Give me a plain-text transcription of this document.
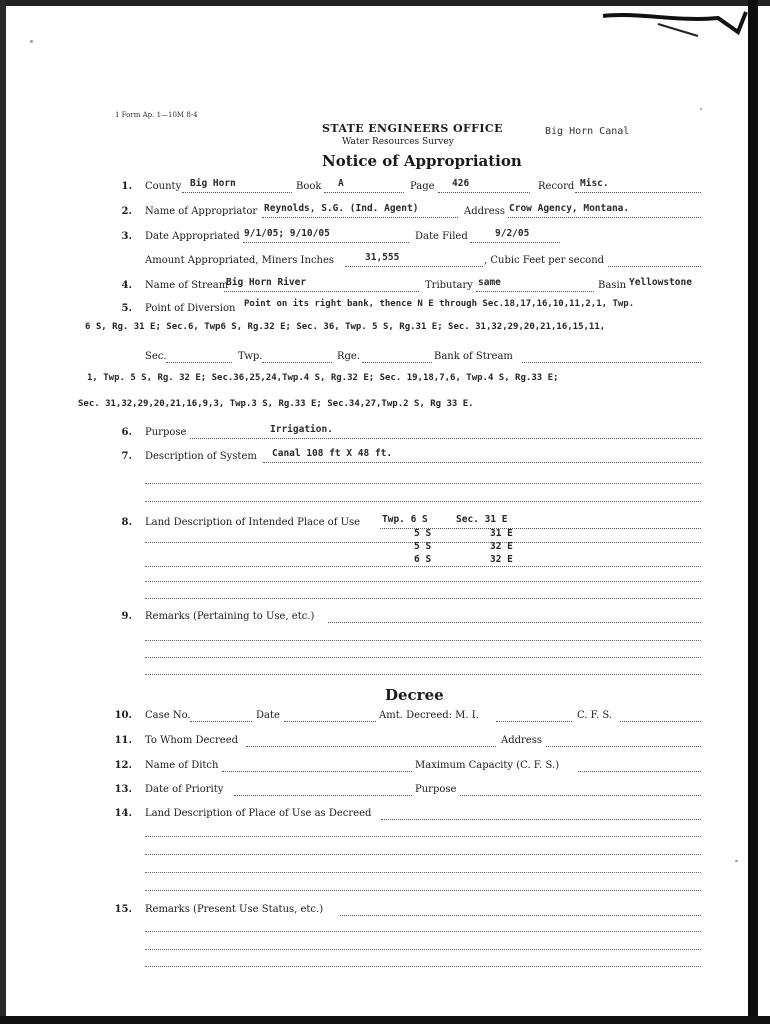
1 Form Ap. 1—10M 8-4
STATE ENGINEERS OFFICE
Water Resources Survey
Notice of Appropriation
Big Horn Canal
1. County Big Horn	Book A	Page 426	Record Misc.
2. Name of Appropriator Reynolds, S.G. (Ind. Agent)	Address Crow Agency, Montana.
3. Date Appropriated 9/1/05; 9/10/05	Date Filed	9/2/05
Amount Appropriated, Miners Inches	31,555	, Cubic Feet per second
4. Name of Stream
Big Horn River	Tributary same	Basin Yellowstone
5. Point of Diversion Point on its right bank, thence N E through Sec.18,17,16,10,11,2,1, Twp.
6 S, Rg. 31 E; Sec.6, Twp6 S, Rg.32 E; Sec. 36, Twp. 5 S, Rg.31 E; Sec. 31,32,29,20,21,16,15,11,
Sec.	Twp.	Rge.	Bank of Stream
1, Twp. 5 S, Rg. 32 E; Sec.36,25,24,Twp.4 S, Rg.32 E; Sec. 19,18,7,6, Twp.4 S, Rg.33 E;
Sec. 31,32,29,20,21,16,9,3, Twp.3 S, Rg.33 E; Sec.34,27,Twp.2 S, Rg 33 E.
6. Purpose	Irrigation.
7. Description of System Canal 108 ft X 48 ft.
8. Land Description of Intended Place of Use Twp. 6 S	Sec. 31 E
5 S	31 E
5 S	32 E
6 S	32 E
9. Remarks (Pertaining to Use, etc.)
Decree
10. Case No.	Date	Amt. Decreed: M. I.	C. F. S.
11. To Whom Decreed	Address
12. Name of Ditch	Maximum Capacity (C. F. S.)
13. Date of Priority	Purpose
14. Land Description of Place of Use as Decreed
15. Remarks (Present Use Status, etc.)
